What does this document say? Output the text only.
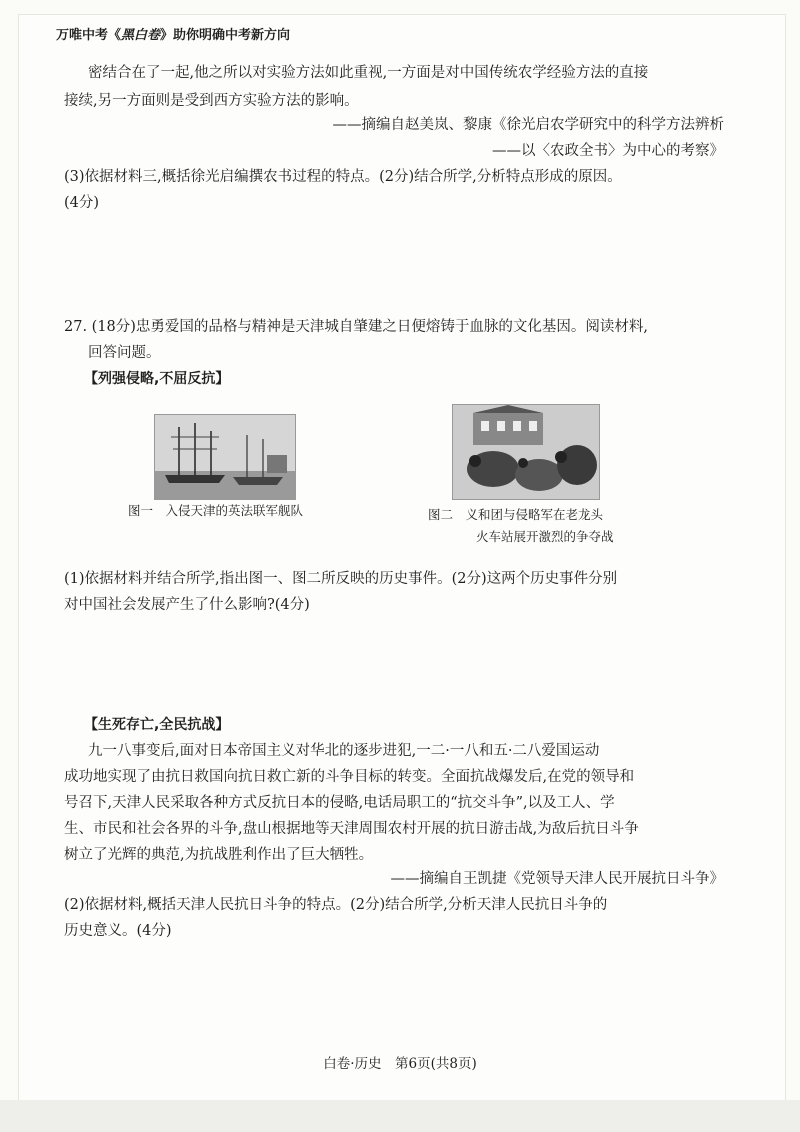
万唯中考《黑白卷》助你明确中考新方向
密结合在了一起,他之所以对实验方法如此重视,一方面是对中国传统农学经验方法的直接
接续,另一方面则是受到西方实验方法的影响。
——摘编自赵美岚、黎康《徐光启农学研究中的科学方法辨析
——以〈农政全书〉为中心的考察》
(3)依据材料三,概括徐光启编撰农书过程的特点。(2分)结合所学,分析特点形成的原因。
(4分)
27. (18分)忠勇爱国的品格与精神是天津城自肇建之日便熔铸于血脉的文化基因。阅读材料,
回答问题。
【列强侵略,不屈反抗】
图一　入侵天津的英法联军舰队	图二　义和团与侵略军在老龙头
火车站展开激烈的争夺战
(1)依据材料并结合所学,指出图一、图二所反映的历史事件。(2分)这两个历史事件分别
对中国社会发展产生了什么影响?(4分)
【生死存亡,全民抗战】
九一八事变后,面对日本帝国主义对华北的逐步进犯,一二·一八和五·二八爱国运动
成功地实现了由抗日救国向抗日救亡新的斗争目标的转变。全面抗战爆发后,在党的领导和
号召下,天津人民采取各种方式反抗日本的侵略,电话局职工的“抗交斗争”,以及工人、学
生、市民和社会各界的斗争,盘山根据地等天津周围农村开展的抗日游击战,为敌后抗日斗争
树立了光辉的典范,为抗战胜利作出了巨大牺牲。
——摘编自王凯捷《党领导天津人民开展抗日斗争》
(2)依据材料,概括天津人民抗日斗争的特点。(2分)结合所学,分析天津人民抗日斗争的
历史意义。(4分)
白卷·历史　第6页(共8页)
